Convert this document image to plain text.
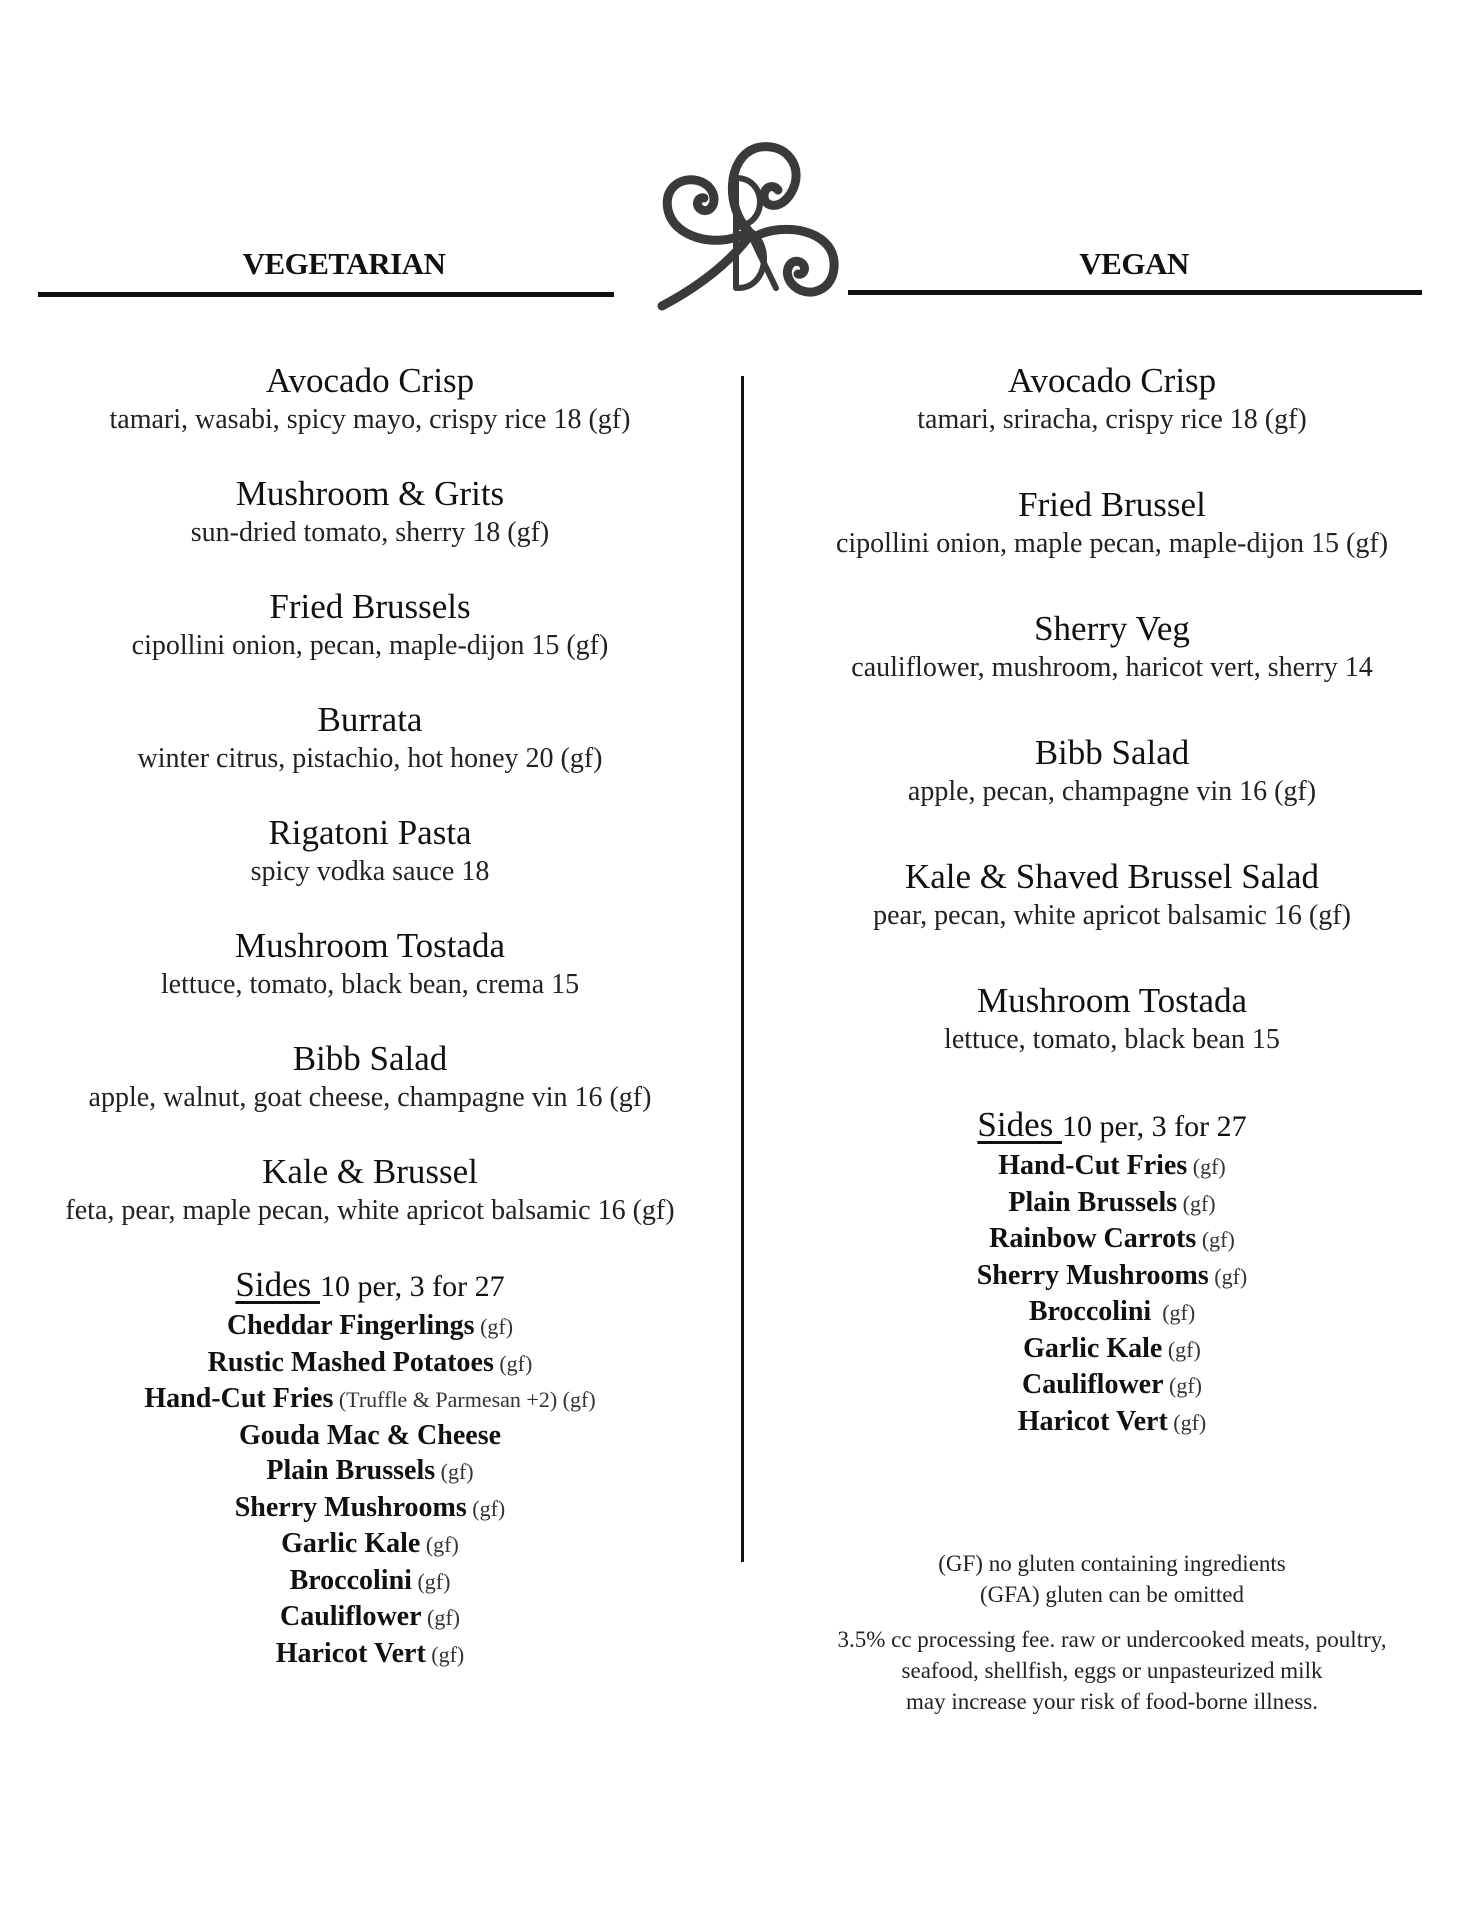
VEGETARIAN	VEGAN
Avocado Crisp
tamari, wasabi, spicy mayo, crispy rice 18 (gf)
Mushroom & Grits
sun-dried tomato, sherry 18 (gf)
Fried Brussels
cipollini onion, pecan, maple-dijon 15 (gf)
Burrata
winter citrus, pistachio, hot honey 20 (gf)
Rigatoni Pasta
spicy vodka sauce 18
Mushroom Tostada
lettuce, tomato, black bean, crema 15
Bibb Salad
apple, walnut, goat cheese, champagne vin 16 (gf)
Kale & Brussel
feta, pear, maple pecan, white apricot balsamic 16 (gf)
Sides 10 per, 3 for 27
Cheddar Fingerlings (gf)
Rustic Mashed Potatoes (gf)
Hand-Cut Fries (Truffle & Parmesan +2) (gf)
Gouda Mac & Cheese
Plain Brussels (gf)
Sherry Mushrooms (gf)
Garlic Kale (gf)
Broccolini (gf)
Cauliflower (gf)
Haricot Vert (gf)
Avocado Crisp
tamari, sriracha, crispy rice 18 (gf)
Fried Brussel
cipollini onion, maple pecan, maple-dijon 15 (gf)
Sherry Veg
cauliflower, mushroom, haricot vert, sherry 14
Bibb Salad
apple, pecan, champagne vin 16 (gf)
Kale & Shaved Brussel Salad
pear, pecan, white apricot balsamic 16 (gf)
Mushroom Tostada
lettuce, tomato, black bean 15
Sides 10 per, 3 for 27
Hand-Cut Fries (gf)
Plain Brussels (gf)
Rainbow Carrots (gf)
Sherry Mushrooms (gf)
Broccolini  (gf)
Garlic Kale (gf)
Cauliflower (gf)
Haricot Vert (gf)
(GF) no gluten containing ingredients
(GFA) gluten can be omitted
3.5% cc processing fee. raw or undercooked meats, poultry,
seafood, shellfish, eggs or unpasteurized milk
may increase your risk of food-borne illness.
